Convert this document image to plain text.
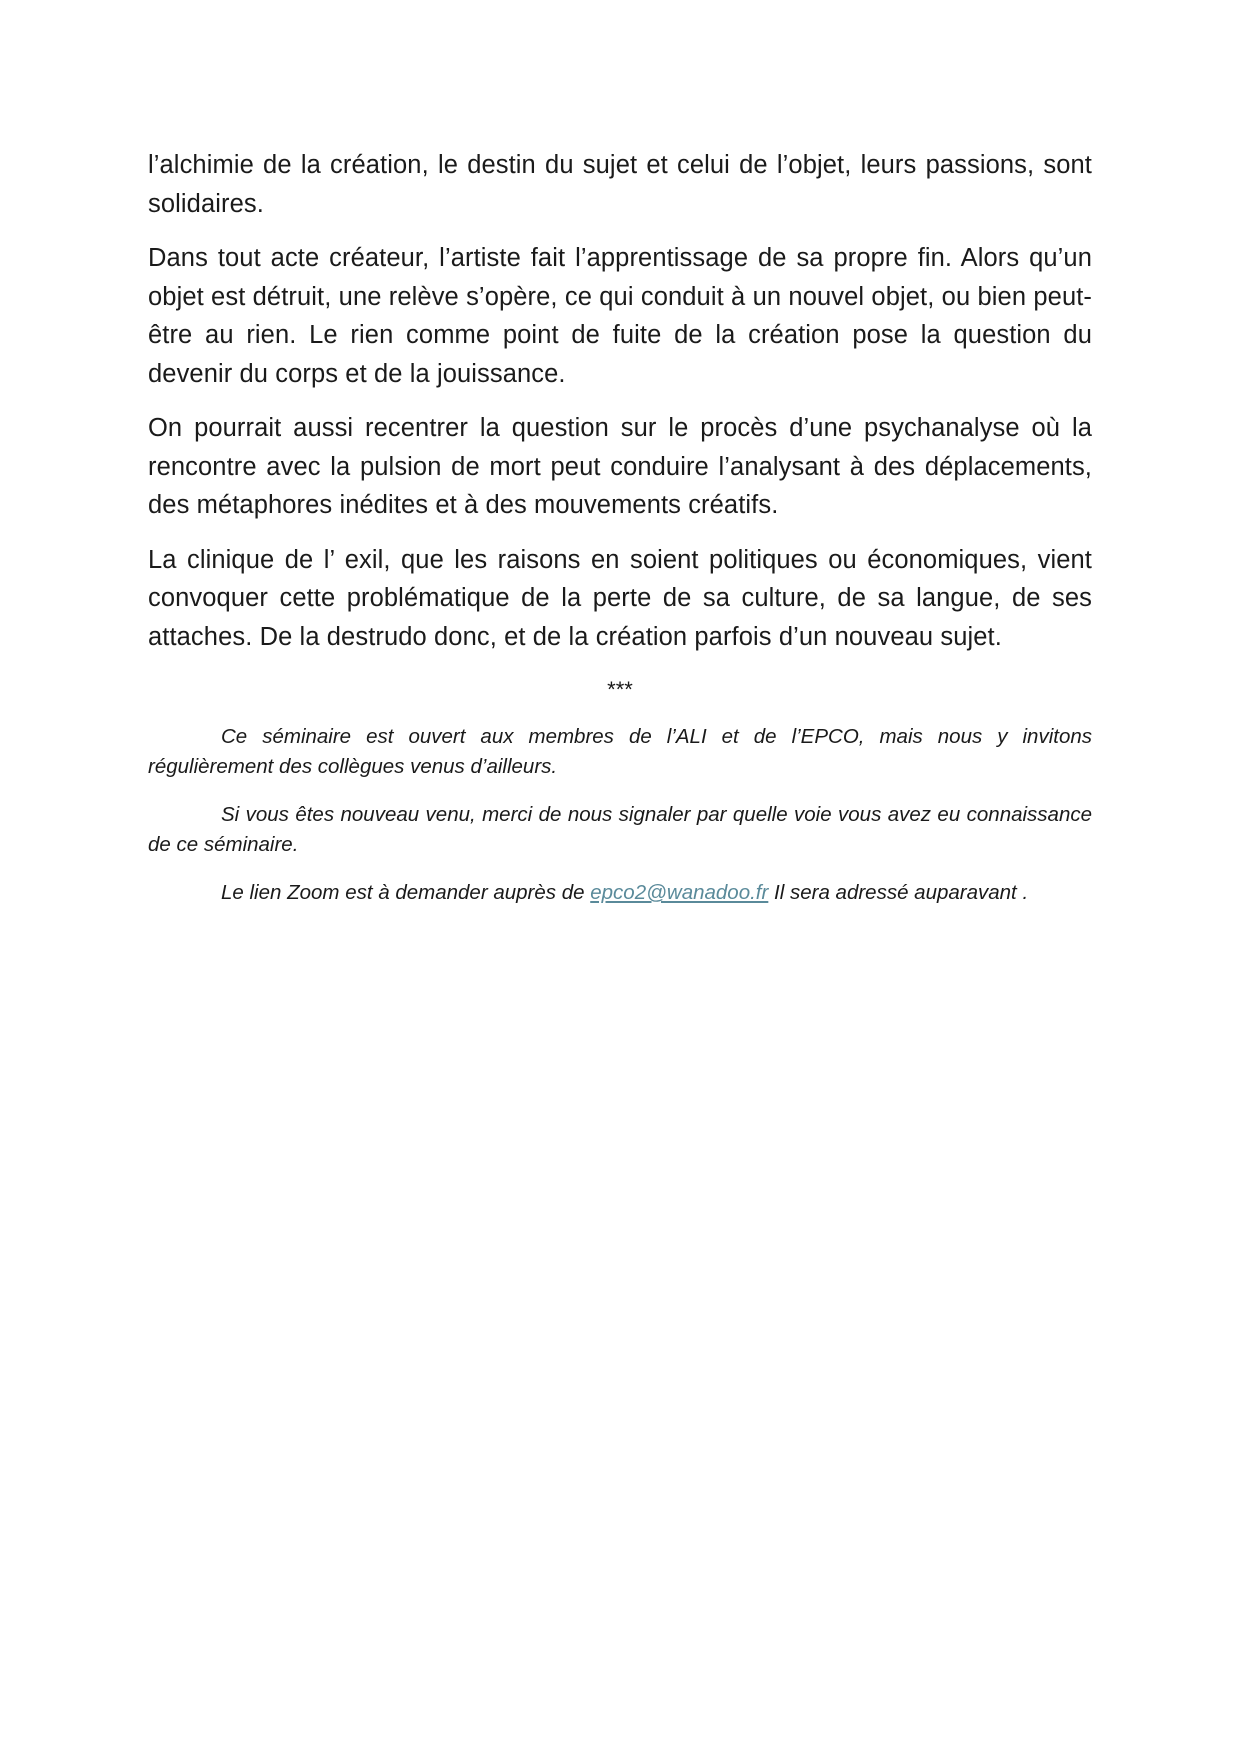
l’alchimie de la création, le destin du sujet et celui de l’objet, leurs passions, sont solidaires.

Dans tout acte créateur, l’artiste fait l’apprentissage de sa propre fin. Alors qu’un objet est détruit, une relève s’opère, ce qui conduit à un nouvel objet, ou bien peut-être au rien. Le rien comme point de fuite de la création pose la question du devenir du corps et de la jouissance.

On pourrait aussi recentrer la question sur le procès d’une psychanalyse où la rencontre avec la pulsion de mort peut conduire l’analysant à des déplacements, des métaphores inédites et à des mouvements créatifs.

La clinique de l’ exil, que les raisons en soient politiques ou économiques, vient convoquer cette problématique de la perte de sa culture, de sa langue, de ses attaches. De la destrudo donc, et de la création parfois d’un nouveau sujet.

***

Ce séminaire est ouvert aux membres de l’ALI et de l’EPCO, mais nous y invitons régulièrement des collègues venus d’ailleurs.

Si vous êtes nouveau venu, merci de nous signaler par quelle voie vous avez eu connaissance de ce séminaire.

Le lien Zoom est à demander auprès de epco2@wanadoo.fr Il sera adressé auparavant .
